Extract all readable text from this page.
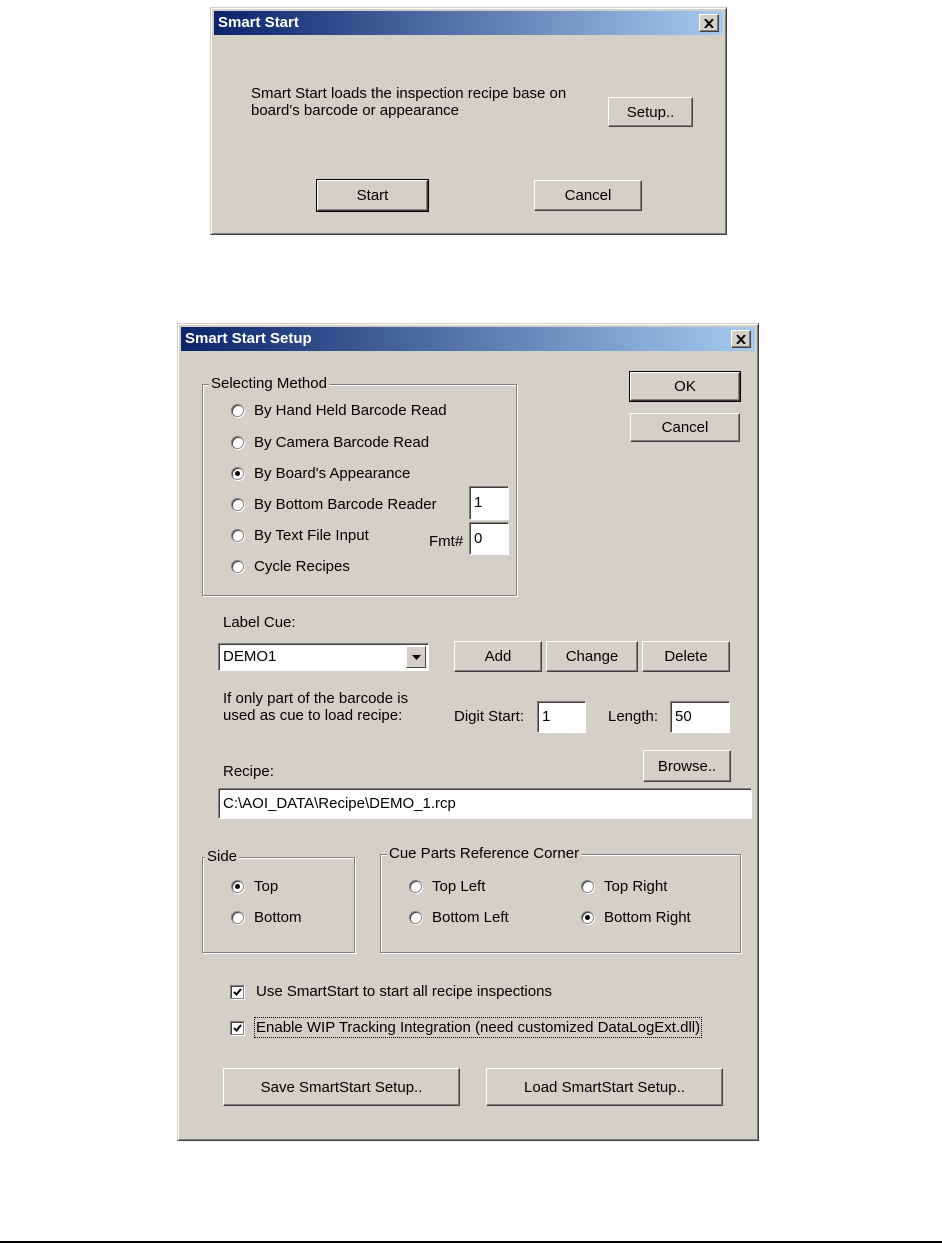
Smart Start
Smart Start loads the inspection recipe base on
board's barcode or appearance	Setup..
Start	Cancel
Smart Start Setup
OK
Cancel
Selecting Method
By Hand Held Barcode Read
By Camera Barcode Read
By Board's Appearance
By Bottom Barcode Reader	1
By Text File Input	Fmt# 0
Cycle Recipes
Label Cue:
DEMO1	Add	Change	Delete
If only part of the barcode is
used as cue to load recipe:	Digit Start:	1	Length:	50
Recipe:	Browse..
C:\AOI_DATA\Recipe\DEMO_1.rcp
Side
Top
Bottom
Cue Parts Reference Corner
Top Left	Top Right
Bottom Left	Bottom Right
Use SmartStart to start all recipe inspections
Enable WIP Tracking Integration (need customized DataLogExt.dll)
Save SmartStart Setup..	Load SmartStart Setup..
